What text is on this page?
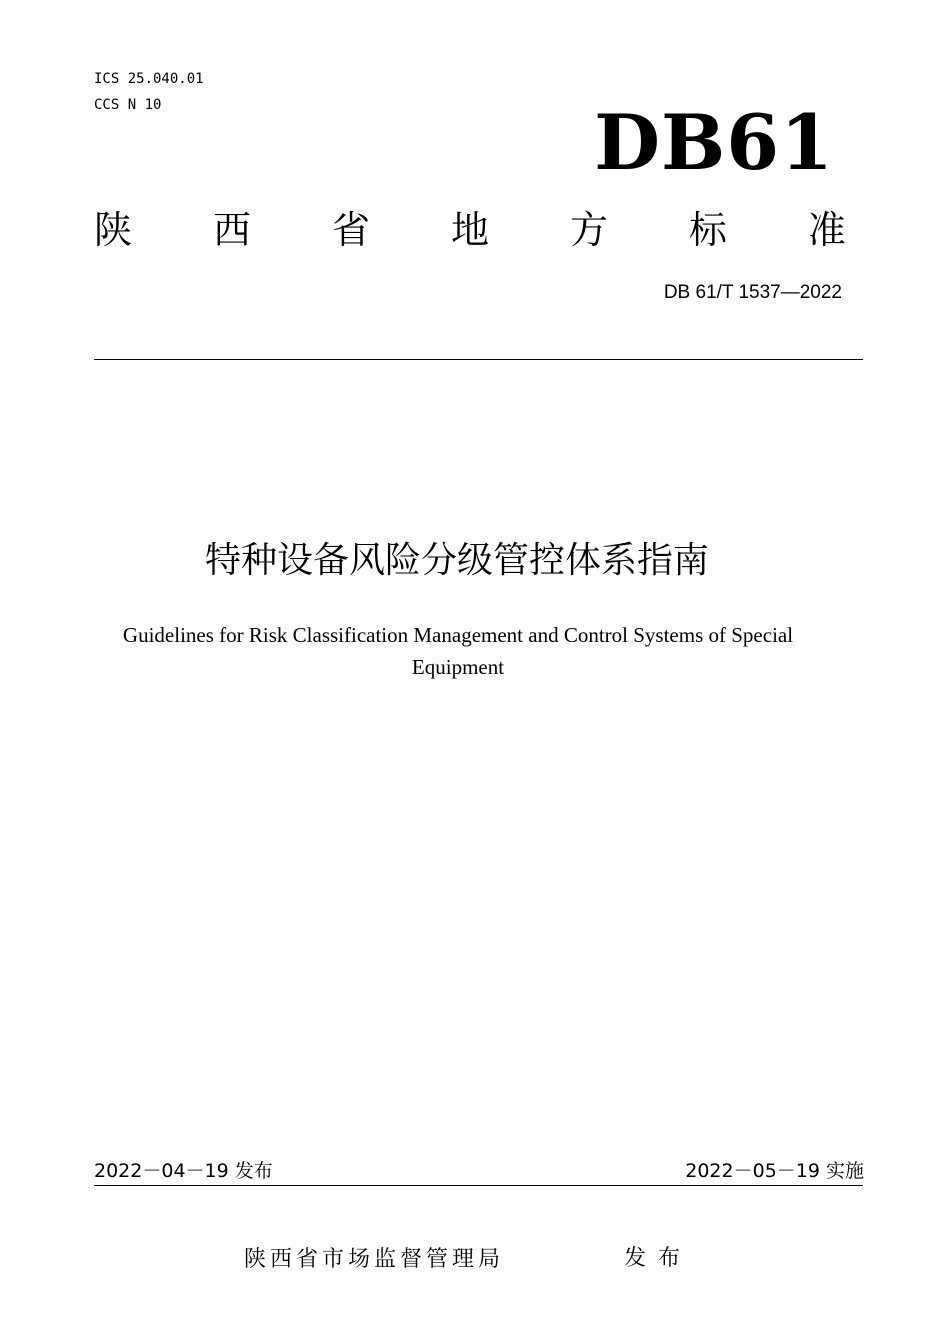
ICS 25.040.01
CCS N 10	DB61
陕 西 省 地 方 标 准
DB 61/T 1537—2022
特种设备风险分级管控体系指南
Guidelines for Risk Classification Management and Control Systems of Special
Equipment
2022－04－19 发布	2022－05－19 实施
陕西省市场监督管理局	发布
